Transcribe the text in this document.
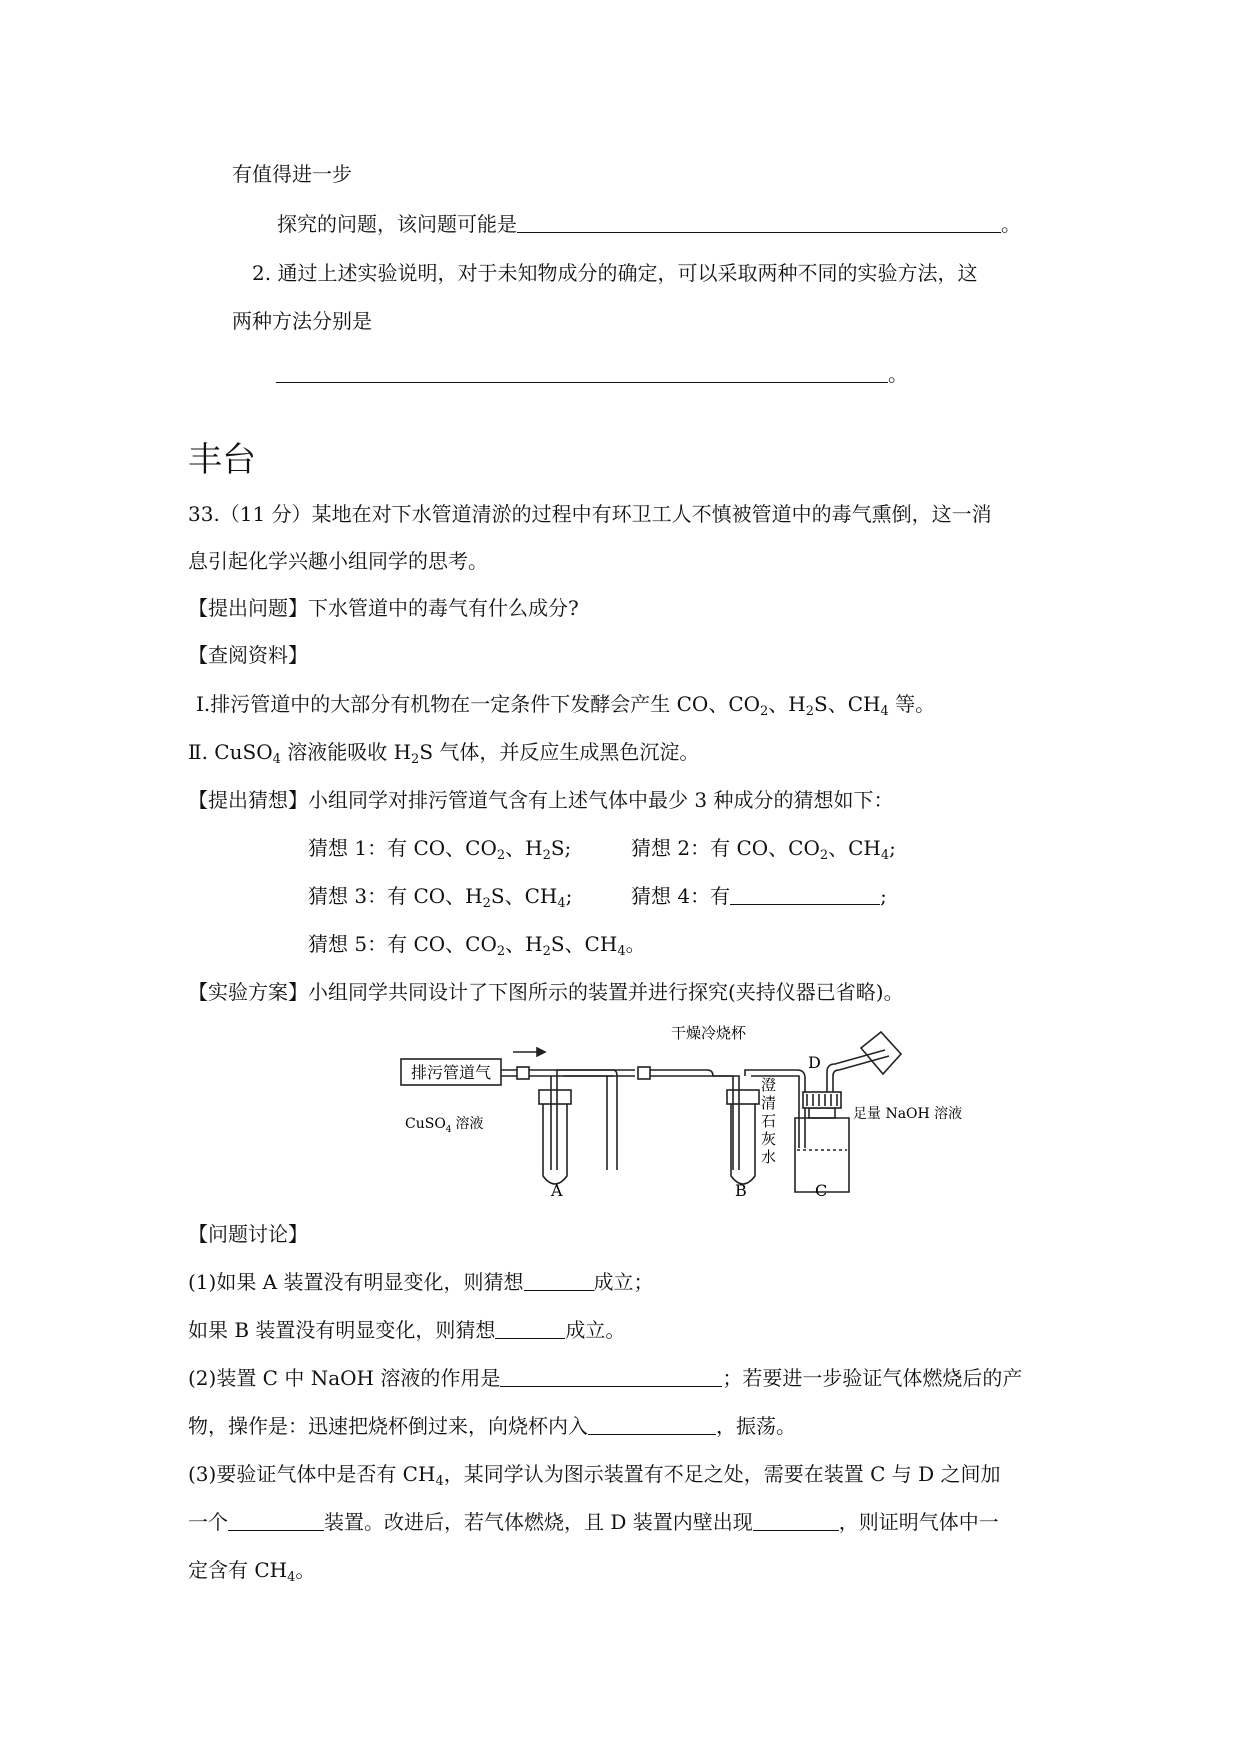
有值得进一步
探究的问题，该问题可能是	。
2. 通过上述实验说明，对于未知物成分的确定，可以采取两种不同的实验方法，这
两种方法分别是
。
丰台
33.（11 分）某地在对下水管道清淤的过程中有环卫工人不慎被管道中的毒气熏倒，这一消
息引起化学兴趣小组同学的思考。
【提出问题】下水管道中的毒气有什么成分?
【查阅资料】
I.排污管道中的大部分有机物在一定条件下发酵会产生 CO、$CO_2$、$H_2S$、$CH_4$ 等。
Ⅱ. CuSO$_4$ 溶液能吸收 $H_2S$ 气体，并反应生成黑色沉淀。
【提出猜想】小组同学对排污管道气含有上述气体中最少 3 种成分的猜想如下：
猜想 1：有 CO、$CO_2$、$H_2S$;	猜想 2：有 CO、$CO_2$、$CH_4$;
猜想 3：有 CO、$H_2S$、$CH_4$;	猜想 4：有	;
猜想 5：有 CO、$CO_2$、$H_2S$、$CH_4$。
【实验方案】小组同学共同设计了下图所示的装置并进行探究(夹持仪器已省略)。
排污管道气
CuSO$_4$ 溶液
澄
清
石
灰
水
足量 NaOH 溶液
干燥冷烧杯
A	B	C
D
【问题讨论】
(1)如果 A 装置没有明显变化，则猜想	成立；
如果 B 装置没有明显变化，则猜想	成立。
(2)装置 C 中 NaOH 溶液的作用是	；若要进一步验证气体燃烧后的产
物，操作是：迅速把烧杯倒过来，向烧杯内入	，振荡。
(3)要验证气体中是否有 $CH_4$，某同学认为图示装置有不足之处，需要在装置 C 与 D 之间加
一个	装置。改进后，若气体燃烧，且 D 装置内壁出现	，则证明气体中一
定含有 $CH_4$。
